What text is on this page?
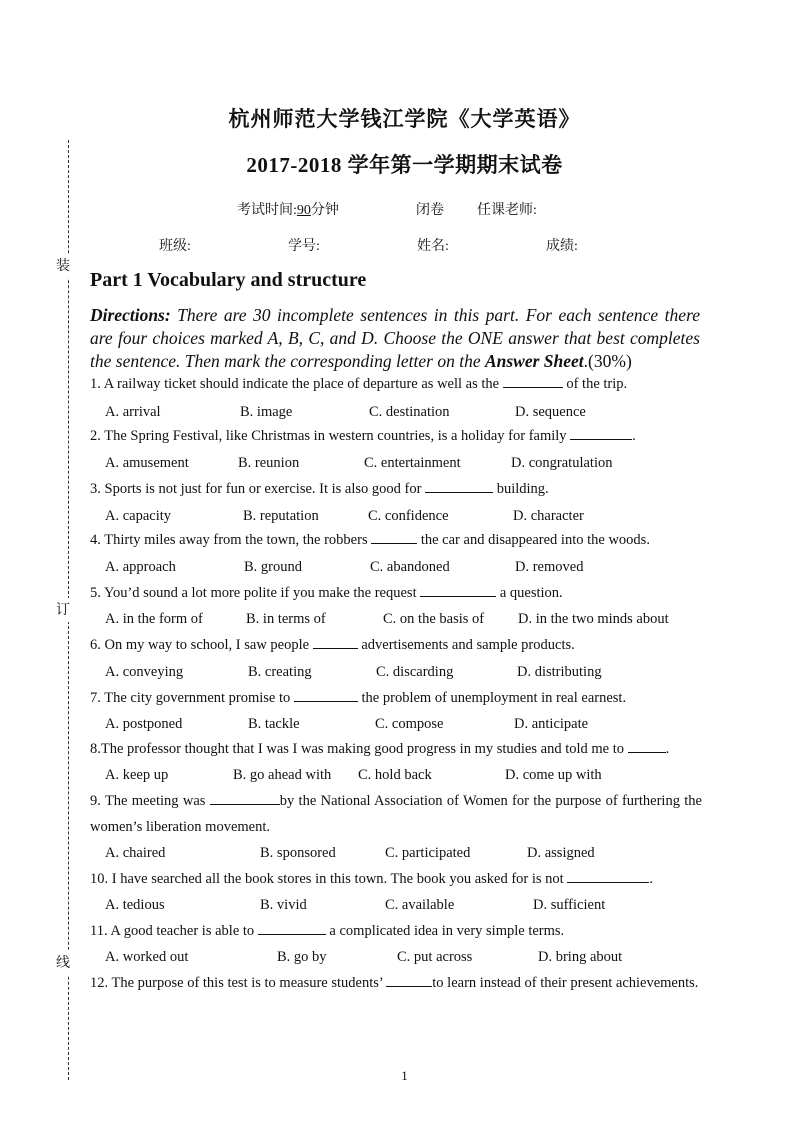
装
订
线
杭州师范大学钱江学院《大学英语》
2017-2018 学年第一学期期末试卷
考试时间:90分钟	闭卷 任课老师:
班级:	学号:	姓名:	成绩:
Part 1 Vocabulary and structure
Directions: There are 30 incomplete sentences in this part. For each sentence there are four choices marked A, B, C, and D. Choose the ONE answer that best completes the sentence. Then mark the corresponding letter on the Answer Sheet.(30%)
1. A railway ticket should indicate the place of departure as well as the	of the trip.
A. arrival	B. image	C. destination	D. sequence
2. The Spring Festival, like Christmas in western countries, is a holiday for family	.
A. amusement	B. reunion	C. entertainment	D. congratulation
3. Sports is not just for fun or exercise. It is also good for	building.
A. capacity	B. reputation	C. confidence	D. character
4. Thirty miles away from the town, the robbers	the car and disappeared into the woods.
A. approach	B. ground	C. abandoned	D. removed
5. You’d sound a lot more polite if you make the request	a question.
A. in the form of	B. in terms of	C. on the basis of D. in the two minds about
6. On my way to school, I saw people	advertisements and sample products.
A. conveying	B. creating	C. discarding	D. distributing
7. The city government promise to	the problem of unemployment in real earnest.
A. postponed	B. tackle	C. compose	D. anticipate
8.The professor thought that I was I was making good progress in my studies and told me to	.
A. keep up	B. go ahead with C. hold back	D. come up with
9. The meeting was	by the National Association of Women for the purpose of furthering the women’s liberation movement.
A. chaired	B. sponsored	C. participated	D. assigned
10. I have searched all the book stores in this town. The book you asked for is not	.
A. tedious	B. vivid	C. available	D. sufficient
11. A good teacher is able to	a complicated idea in very simple terms.
A. worked out	B. go by	C. put across	D. bring about
12. The purpose of this test is to measure students’	to learn instead of their present achievements.
1
